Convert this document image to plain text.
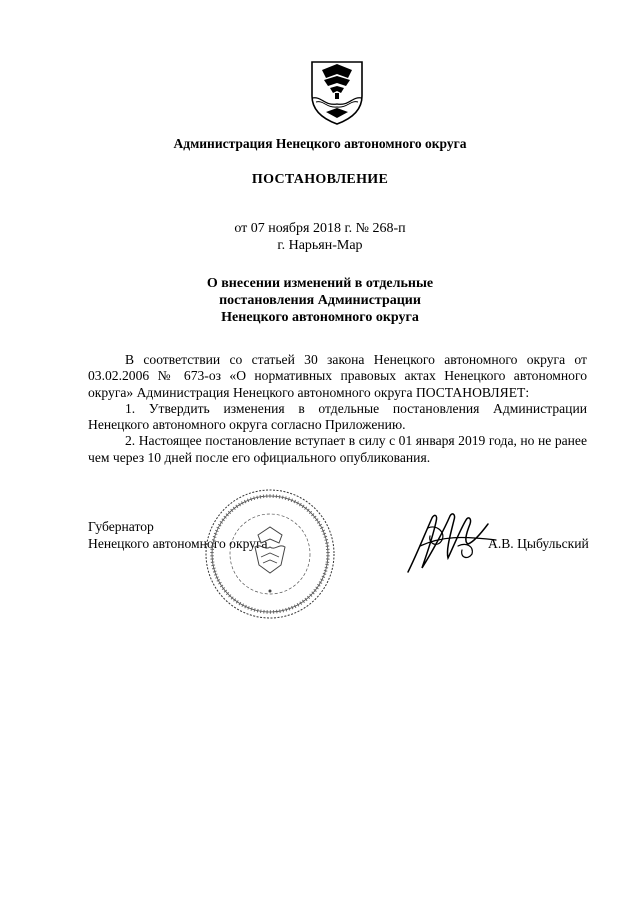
Администрация Ненецкого автономного округа
ПОСТАНОВЛЕНИЕ
от 07 ноября 2018 г. № 268-п
г. Нарьян-Мар
О внесении изменений в отдельные
постановления Администрации
Ненецкого автономного округа

В соответствии со статьей 30 закона Ненецкого автономного округа от 03.02.2006 № 673-оз «О нормативных правовых актах Ненецкого автономного округа» Администрация Ненецкого автономного округа ПОСТАНОВЛЯЕТ:

1. Утвердить изменения в отдельные постановления Администрации Ненецкого автономного округа согласно Приложению.

2. Настоящее постановление вступает в силу с 01 января 2019 года, но не ранее чем через 10 дней после его официального опубликования.

Губернатор
Ненецкого автономного округа	А.В. Цыбульский
